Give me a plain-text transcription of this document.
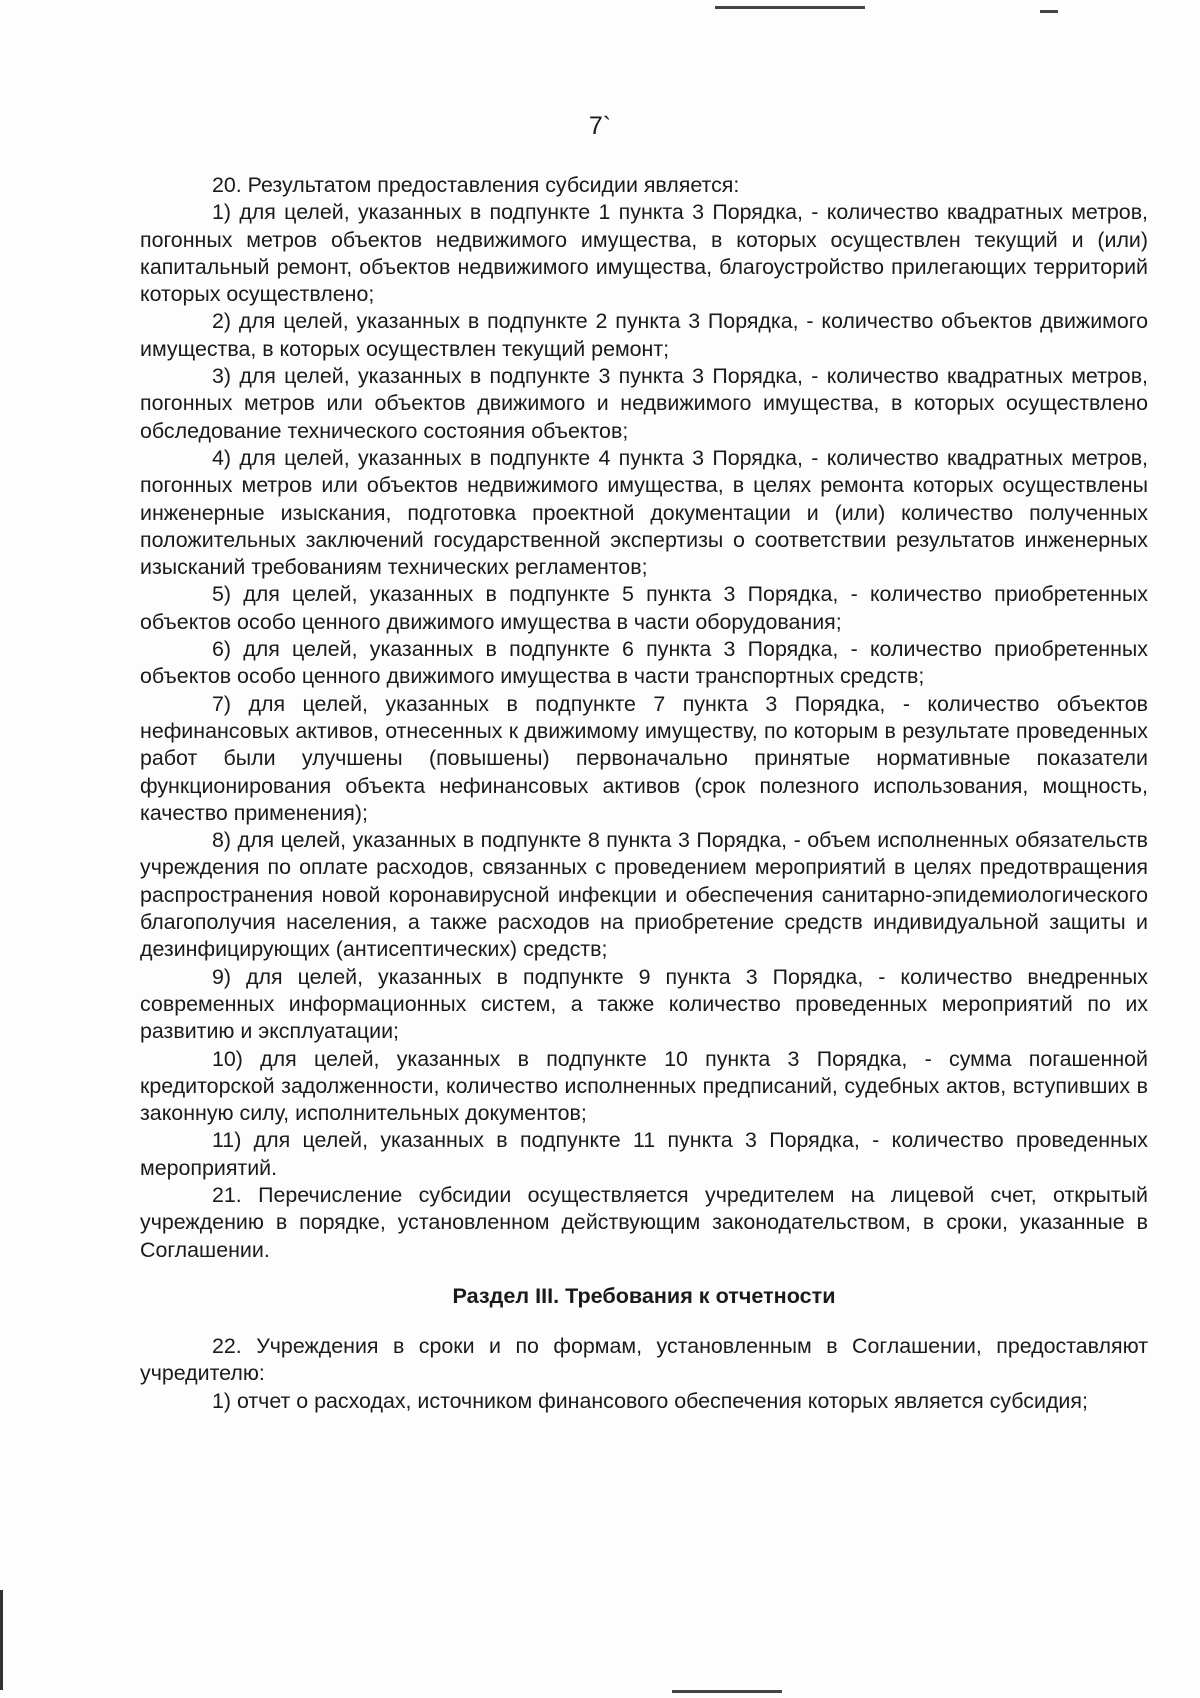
7`

20. Результатом предоставления субсидии является:

1) для целей, указанных в подпункте 1 пункта 3 Порядка, - количество квадратных метров, погонных метров объектов недвижимого имущества, в которых осуществлен текущий и (или) капитальный ремонт, объектов недвижимого имущества, благоустройство прилегающих территорий которых осуществлено;

2) для целей, указанных в подпункте 2 пункта 3 Порядка, - количество объектов движимого имущества, в которых осуществлен текущий ремонт;

3) для целей, указанных в подпункте 3 пункта 3 Порядка, - количество квадратных метров, погонных метров или объектов движимого и недвижимого имущества, в которых осуществлено обследование технического состояния объектов;

4) для целей, указанных в подпункте 4 пункта 3 Порядка, - количество квадратных метров, погонных метров или объектов недвижимого имущества, в целях ремонта которых осуществлены инженерные изыскания, подготовка проектной документации и (или) количество полученных положительных заключений государственной экспертизы о соответствии результатов инженерных изысканий требованиям технических регламентов;

5) для целей, указанных в подпункте 5 пункта 3 Порядка, - количество приобретенных объектов особо ценного движимого имущества в части оборудования;

6) для целей, указанных в подпункте 6 пункта 3 Порядка, - количество приобретенных объектов особо ценного движимого имущества в части транспортных средств;

7) для целей, указанных в подпункте 7 пункта 3 Порядка, - количество объектов нефинансовых активов, отнесенных к движимому имуществу, по которым в результате проведенных работ были улучшены (повышены) первоначально принятые нормативные показатели функционирования объекта нефинансовых активов (срок полезного использования, мощность, качество применения);

8) для целей, указанных в подпункте 8 пункта 3 Порядка, - объем исполненных обязательств учреждения по оплате расходов, связанных с проведением мероприятий в целях предотвращения распространения новой коронавирусной инфекции и обеспечения санитарно-эпидемиологического благополучия населения, а также расходов на приобретение средств индивидуальной защиты и дезинфицирующих (антисептических) средств;

9) для целей, указанных в подпункте 9 пункта 3 Порядка, - количество внедренных современных информационных систем, а также количество проведенных мероприятий по их развитию и эксплуатации;

10) для целей, указанных в подпункте 10 пункта 3 Порядка, - сумма погашенной кредиторской задолженности, количество исполненных предписаний, судебных актов, вступивших в законную силу, исполнительных документов;

11) для целей, указанных в подпункте 11 пункта 3 Порядка, - количество проведенных мероприятий.

21. Перечисление субсидии осуществляется учредителем на лицевой счет, открытый учреждению в порядке, установленном действующим законодательством, в сроки, указанные в Соглашении.

Раздел III. Требования к отчетности

22. Учреждения в сроки и по формам, установленным в Соглашении, предоставляют учредителю:

1) отчет о расходах, источником финансового обеспечения которых является субсидия;
